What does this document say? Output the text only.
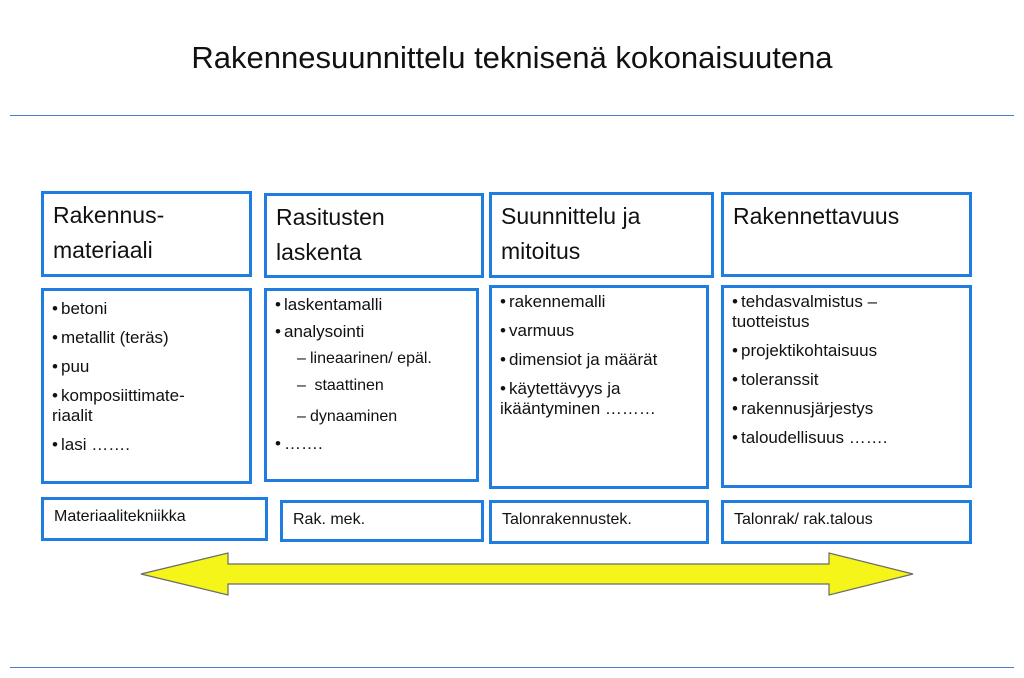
Rakennesuunnittelu teknisenä kokonaisuutena
Rakennus-
materiaali
• betoni
• metallit (teräs)
• puu
• komposiittimate-
riaalit
• lasi …….
Materiaalitekniikka
Rasitusten
laskenta
• laskentamalli
• analysointi
– lineaarinen/ epäl.
– staattinen
– dynaaminen
• …….
Rak. mek.
Suunnittelu ja
mitoitus
• rakennemalli
• varmuus
• dimensiot ja määrät
• käytettävyys ja
ikääntyminen ………
Talonrakennustek.
Rakennettavuus
• tehdasvalmistus –
tuotteistus
• projektikohtaisuus
• toleranssit
• rakennusjärjestys
• taloudellisuus …….
Talonrak/ rak.talous
